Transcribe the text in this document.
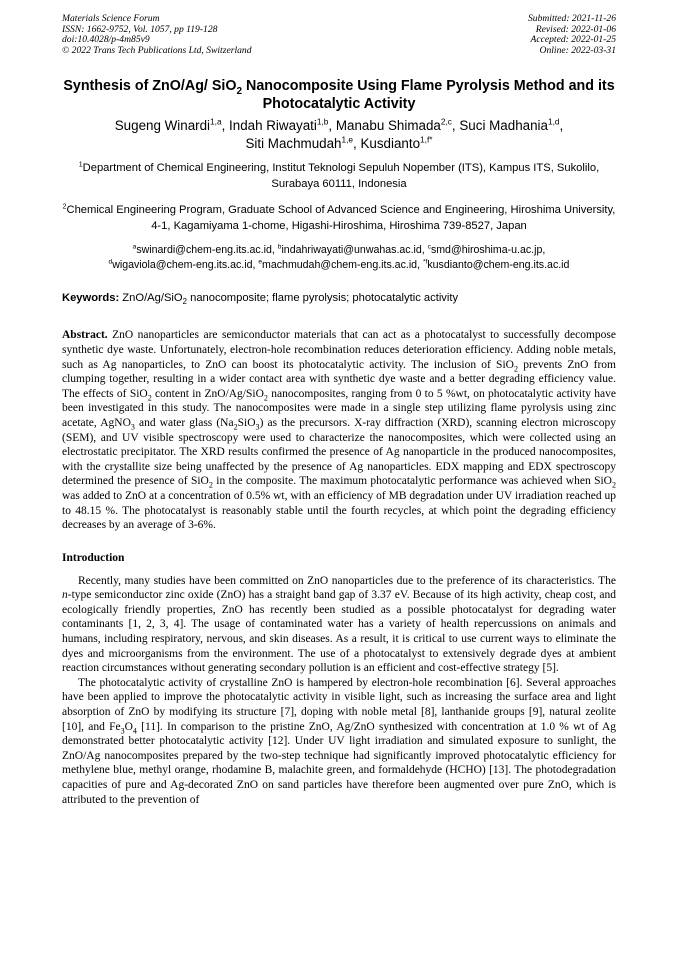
Materials Science Forum
ISSN: 1662-9752, Vol. 1057, pp 119-128
doi:10.4028/p-4m85v9
© 2022 Trans Tech Publications Ltd, Switzerland
Submitted: 2021-11-26
Revised: 2022-01-06
Accepted: 2022-01-25
Online: 2022-03-31
Synthesis of ZnO/Ag/ SiO$_2$ Nanocomposite Using Flame Pyrolysis Method and its Photocatalytic Activity
Sugeng Winardi$^{1,a}$, Indah Riwayati$^{1,b}$, Manabu Shimada$^{2,c}$, Suci Madhania$^{1,d}$,
Siti Machmudah$^{1,e}$, Kusdianto$^{1,f*}$
$^1$Department of Chemical Engineering, Institut Teknologi Sepuluh Nopember (ITS), Kampus ITS, Sukolilo, Surabaya 60111, Indonesia
$^2$Chemical Engineering Program, Graduate School of Advanced Science and Engineering, Hiroshima University, 4-1, Kagamiyama 1-chome, Higashi-Hiroshima, Hiroshima 739-8527, Japan
$^a$swinardi@chem-eng.its.ac.id, $^b$indahriwayati@unwahas.ac.id, $^c$smd@hiroshima-u.ac.jp,
$^d$wigaviola@chem-eng.its.ac.id, $^e$machmudah@chem-eng.its.ac.id, $^{*f}$kusdianto@chem-eng.its.ac.id
Keywords: ZnO/Ag/SiO$_2$ nanocomposite; flame pyrolysis; photocatalytic activity
Abstract. ZnO nanoparticles are semiconductor materials that can act as a photocatalyst to successfully decompose synthetic dye waste. Unfortunately, electron-hole recombination reduces deterioration efficiency. Adding noble metals, such as Ag nanoparticles, to ZnO can boost its photocatalytic activity. The inclusion of SiO$_2$ prevents ZnO from clumping together, resulting in a wider contact area with synthetic dye waste and a better degrading efficiency value. The effects of SiO$_2$ content in ZnO/Ag/SiO$_2$ nanocomposites, ranging from 0 to 5 %wt, on photocatalytic activity have been investigated in this study. The nanocomposites were made in a single step utilizing flame pyrolysis using zinc acetate, AgNO$_3$ and water glass $(Na_2SiO_3)$ as the precursors. X-ray diffraction (XRD), scanning electron microscopy (SEM), and UV visible spectroscopy were used to characterize the nanocomposites, which were collected using an electrostatic precipitator. The XRD results confirmed the presence of Ag nanoparticle in the produced nanocomposites, with the crystallite size being unaffected by the presence of Ag nanoparticles. EDX mapping and EDX spectroscopy determined the presence of SiO$_2$ in the composite. The maximum photocatalytic performance was achieved when SiO$_2$ was added to ZnO at a concentration of 0.5% wt, with an efficiency of MB degradation under UV irradiation reached up to 48.15 %. The photocatalyst is reasonably stable until the fourth recycles, at which point the degrading efficiency decreases by an average of 3-6%.
Introduction
Recently, many studies have been committed on ZnO nanoparticles due to the preference of its characteristics. The n-type semiconductor zinc oxide (ZnO) has a straight band gap of 3.37 eV. Because of its high activity, cheap cost, and ecologically friendly properties, ZnO has recently been studied as a possible photocatalyst for degrading water contaminants [1, 2, 3, 4]. The usage of contaminated water has a variety of health repercussions on animals and humans, including respiratory, nervous, and skin diseases. As a result, it is critical to use current ways to eliminate the dyes and microorganisms from the environment. The use of a photocatalyst to extensively degrade dyes at ambient reaction circumstances without generating secondary pollution is an efficient and cost-effective strategy [5].
The photocatalytic activity of crystalline ZnO is hampered by electron-hole recombination [6]. Several approaches have been applied to improve the photocatalytic activity in visible light, such as increasing the surface area and light absorption of ZnO by modifying its structure [7], doping with noble metal [8], lanthanide groups [9], natural zeolite [10], and $Fe_3O_4$ [11]. In comparison to the pristine ZnO, Ag/ZnO synthesized with concentration at 1.0 % wt of Ag demonstrated better photocatalytic activity [12]. Under UV light irradiation and simulated exposure to sunlight, the ZnO/Ag nanocomposites prepared by the two-step technique had significantly improved photocatalytic efficiency for methylene blue, methyl orange, rhodamine B, malachite green, and formaldehyde (HCHO) [13]. The photodegradation capacities of pure and Ag-decorated ZnO on sand particles have therefore been augmented over pure ZnO, which is attributed to the prevention of
